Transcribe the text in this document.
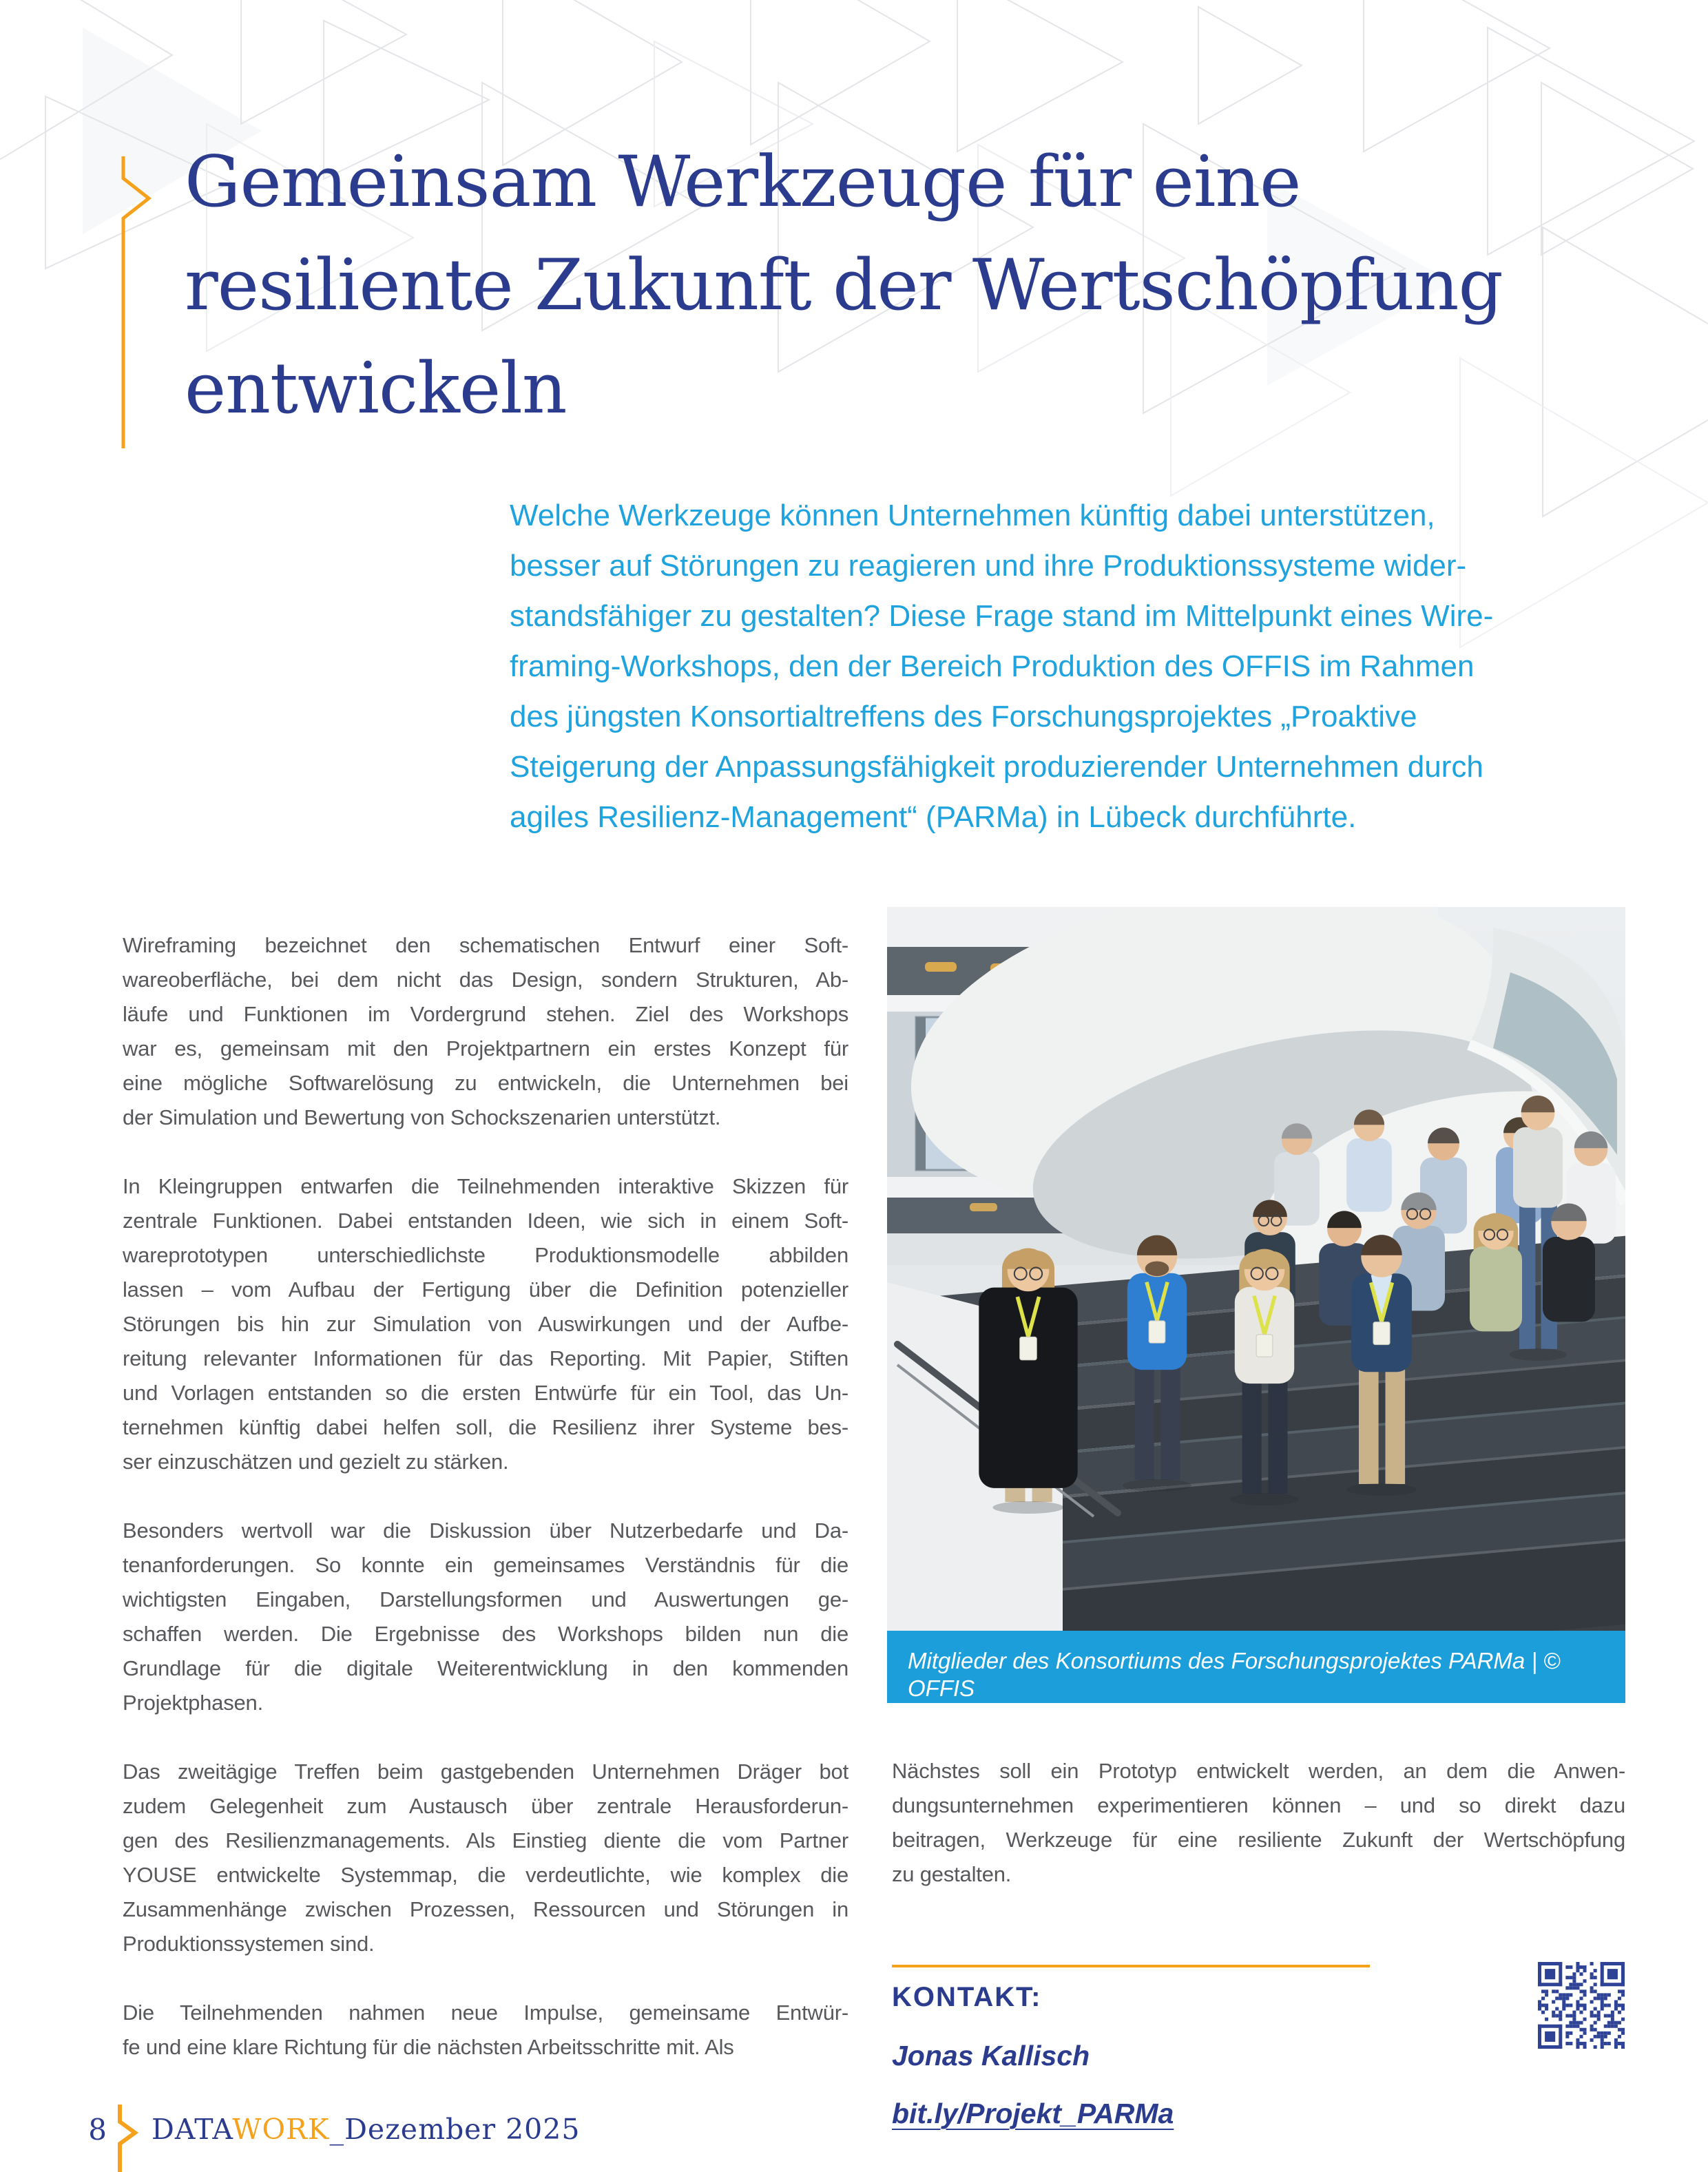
Gemeinsam Werkzeuge für eine
resiliente Zukunft der Wertschöpfung
entwickeln
Welche Werkzeuge können Unternehmen künftig dabei unterstützen,
besser auf Störungen zu reagieren und ihre Produktionssysteme wider-
standsfähiger zu gestalten? Diese Frage stand im Mittelpunkt eines Wire-
framing-Workshops, den der Bereich Produktion des OFFIS im Rahmen
des jüngsten Konsortialtreffens des Forschungsprojektes „Proaktive
Steigerung der Anpassungsfähigkeit produzierender Unternehmen durch
agiles Resilienz-Management“ (PARMa) in Lübeck durchführte.
Wireframing bezeichnet den schematischen Entwurf einer Soft-
wareoberfläche, bei dem nicht das Design, sondern Strukturen, Ab-
läufe und Funktionen im Vordergrund stehen. Ziel des Workshops
war es, gemeinsam mit den Projektpartnern ein erstes Konzept für
eine mögliche Softwarelösung zu entwickeln, die Unternehmen bei
der Simulation und Bewertung von Schockszenarien unterstützt.
In Kleingruppen entwarfen die Teilnehmenden interaktive Skizzen für
zentrale Funktionen. Dabei entstanden Ideen, wie sich in einem Soft-
wareprototypen unterschiedlichste Produktionsmodelle abbilden
lassen – vom Aufbau der Fertigung über die Definition potenzieller
Störungen bis hin zur Simulation von Auswirkungen und der Aufbe-
reitung relevanter Informationen für das Reporting. Mit Papier, Stiften
und Vorlagen entstanden so die ersten Entwürfe für ein Tool, das Un-
ternehmen künftig dabei helfen soll, die Resilienz ihrer Systeme bes-
ser einzuschätzen und gezielt zu stärken.
Besonders wertvoll war die Diskussion über Nutzerbedarfe und Da-
tenanforderungen. So konnte ein gemeinsames Verständnis für die
wichtigsten Eingaben, Darstellungsformen und Auswertungen ge-
schaffen werden. Die Ergebnisse des Workshops bilden nun die
Grundlage für die digitale Weiterentwicklung in den kommenden
Projektphasen.
Das zweitägige Treffen beim gastgebenden Unternehmen Dräger bot
zudem Gelegenheit zum Austausch über zentrale Herausforderun-
gen des Resilienzmanagements. Als Einstieg diente die vom Partner
YOUSE entwickelte Systemmap, die verdeutlichte, wie komplex die
Zusammenhänge zwischen Prozessen, Ressourcen und Störungen in
Produktionssystemen sind.
Die Teilnehmenden nahmen neue Impulse, gemeinsame Entwür-
fe und eine klare Richtung für die nächsten Arbeitsschritte mit. Als
Nächstes soll ein Prototyp entwickelt werden, an dem die Anwen-
dungsunternehmen experimentieren können – und so direkt dazu
beitragen, Werkzeuge für eine resiliente Zukunft der Wertschöpfung
zu gestalten.
Mitglieder des Konsortiums des Forschungsprojektes PARMa | © OFFIS
KONTAKT:
Jonas Kallisch
bit.ly/Projekt_PARMa
8 DATAWORK_Dezember 2025
